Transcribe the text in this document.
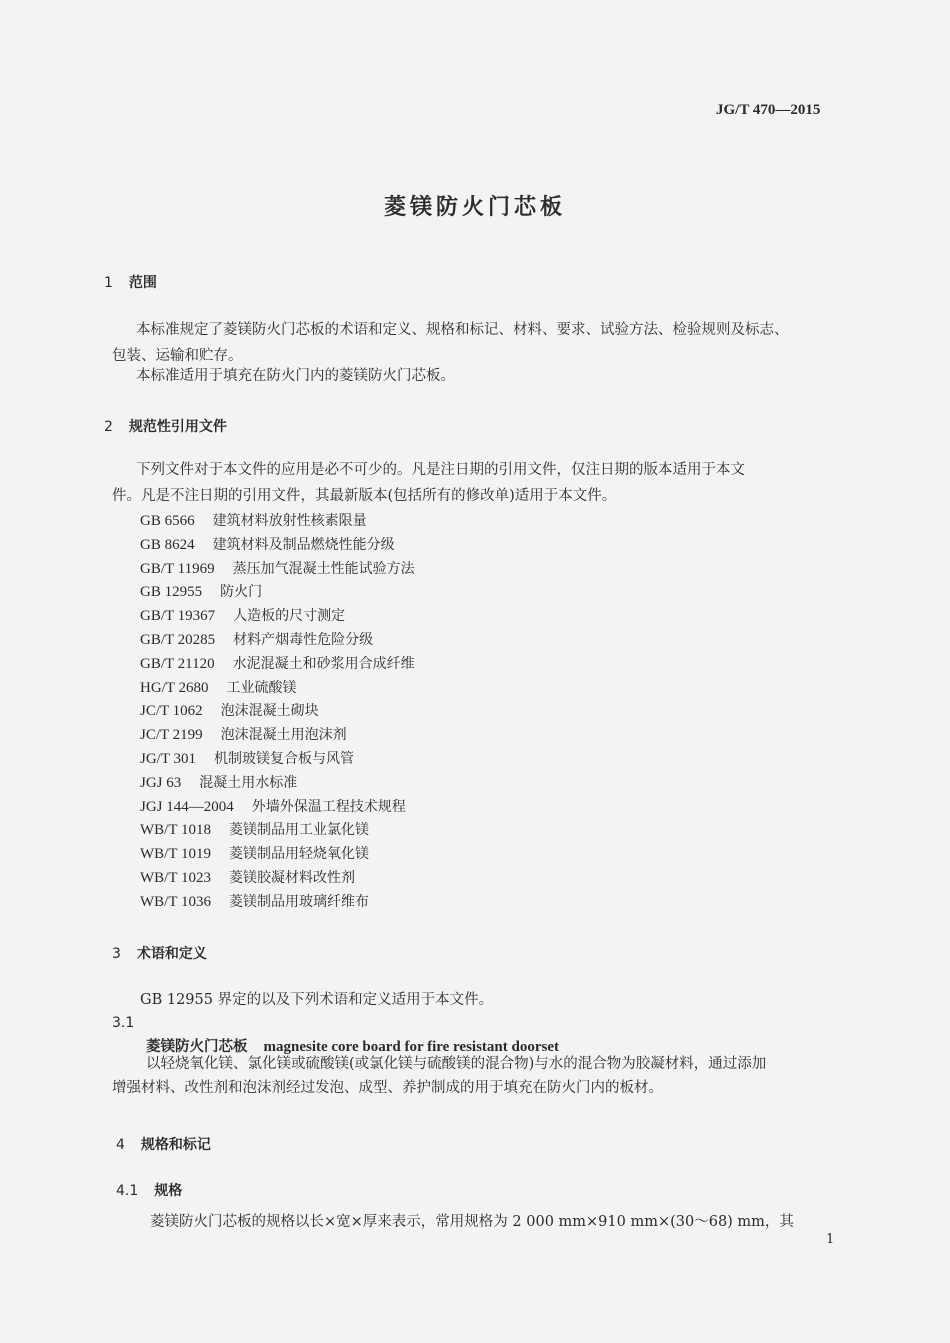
JG/T 470—2015
菱镁防火门芯板
1 范围
本标准规定了菱镁防火门芯板的术语和定义、规格和标记、材料、要求、试验方法、检验规则及标志、
包装、运输和贮存。
本标准适用于填充在防火门内的菱镁防火门芯板。
2 规范性引用文件
下列文件对于本文件的应用是必不可少的。凡是注日期的引用文件，仅注日期的版本适用于本文
件。凡是不注日期的引用文件，其最新版本(包括所有的修改单)适用于本文件。
GB 6566 建筑材料放射性核素限量
GB 8624 建筑材料及制品燃烧性能分级
GB/T 11969 蒸压加气混凝土性能试验方法
GB 12955 防火门
GB/T 19367 人造板的尺寸测定
GB/T 20285 材料产烟毒性危险分级
GB/T 21120 水泥混凝土和砂浆用合成纤维
HG/T 2680 工业硫酸镁
JC/T 1062 泡沫混凝土砌块
JC/T 2199 泡沫混凝土用泡沫剂
JG/T 301 机制玻镁复合板与风管
JGJ 63 混凝土用水标准
JGJ 144—2004 外墙外保温工程技术规程
WB/T 1018 菱镁制品用工业氯化镁
WB/T 1019 菱镁制品用轻烧氧化镁
WB/T 1023 菱镁胶凝材料改性剂
WB/T 1036 菱镁制品用玻璃纤维布
3 术语和定义
GB 12955 界定的以及下列术语和定义适用于本文件。
3.1
菱镁防火门芯板 magnesite core board for fire resistant doorset
以轻烧氧化镁、氯化镁或硫酸镁(或氯化镁与硫酸镁的混合物)与水的混合物为胶凝材料，通过添加
增强材料、改性剂和泡沫剂经过发泡、成型、养护制成的用于填充在防火门内的板材。
4 规格和标记
4.1 规格
菱镁防火门芯板的规格以长×宽×厚来表示，常用规格为 2 000 mm×910 mm×(30～68) mm，其
1
